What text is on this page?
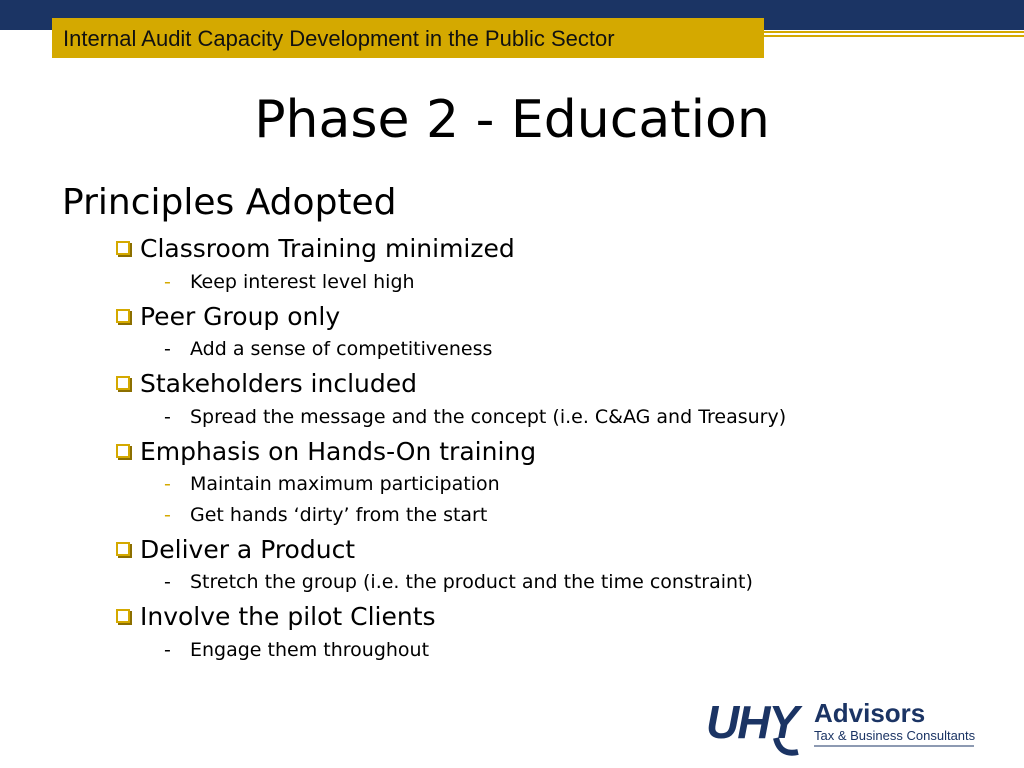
Internal Audit Capacity Development in the Public Sector
Phase 2 - Education
Principles Adopted
Classroom Training minimized
-	Keep interest level high
Peer Group only
-	Add a sense of competitiveness
Stakeholders included
-	Spread the message and the concept (i.e. C&AG and Treasury)
Emphasis on Hands-On training
-	Maintain maximum participation
-	Get hands ‘dirty’ from the start
Deliver a Product
-	Stretch the group (i.e. the product and the time constraint)
Involve the pilot Clients
-	Engage them throughout
UHY Advisors
Tax & Business Consultants
